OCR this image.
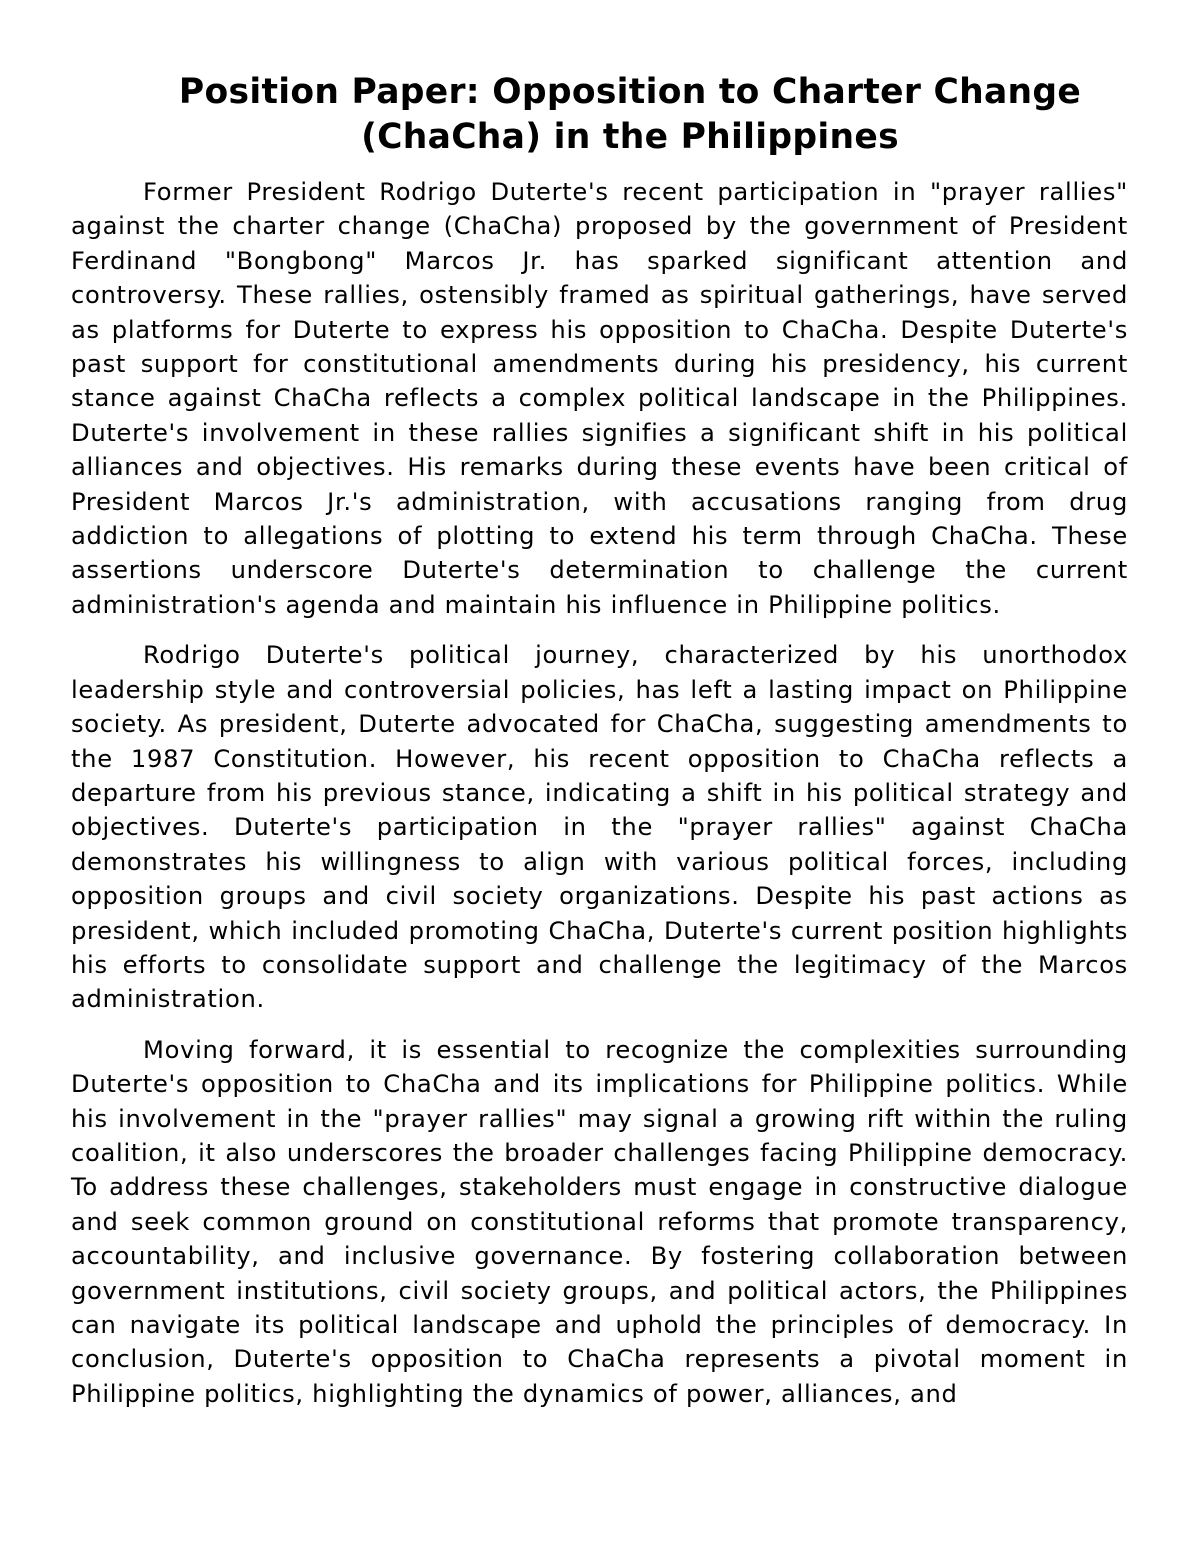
Position Paper: Opposition to Charter Change
(ChaCha) in the Philippines

Former President Rodrigo Duterte's recent participation in "prayer rallies" against the charter change (ChaCha) proposed by the government of President Ferdinand "Bongbong" Marcos Jr. has sparked significant attention and controversy. These rallies, ostensibly framed as spiritual gatherings, have served as platforms for Duterte to express his opposition to ChaCha. Despite Duterte's past support for constitutional amendments during his presidency, his current stance against ChaCha reflects a complex political landscape in the Philippines. Duterte's involvement in these rallies signifies a significant shift in his political alliances and objectives. His remarks during these events have been critical of President Marcos Jr.'s administration, with accusations ranging from drug addiction to allegations of plotting to extend his term through ChaCha. These assertions underscore Duterte's determination to challenge the current administration's agenda and maintain his influence in Philippine politics.

Rodrigo Duterte's political journey, characterized by his unorthodox leadership style and controversial policies, has left a lasting impact on Philippine society. As president, Duterte advocated for ChaCha, suggesting amendments to the 1987 Constitution. However, his recent opposition to ChaCha reflects a departure from his previous stance, indicating a shift in his political strategy and objectives. Duterte's participation in the "prayer rallies" against ChaCha demonstrates his willingness to align with various political forces, including opposition groups and civil society organizations. Despite his past actions as president, which included promoting ChaCha, Duterte's current position highlights his efforts to consolidate support and challenge the legitimacy of the Marcos administration.

Moving forward, it is essential to recognize the complexities surrounding Duterte's opposition to ChaCha and its implications for Philippine politics. While his involvement in the "prayer rallies" may signal a growing rift within the ruling coalition, it also underscores the broader challenges facing Philippine democracy. To address these challenges, stakeholders must engage in constructive dialogue and seek common ground on constitutional reforms that promote transparency, accountability, and inclusive governance. By fostering collaboration between government institutions, civil society groups, and political actors, the Philippines can navigate its political landscape and uphold the principles of democracy. In conclusion, Duterte's opposition to ChaCha represents a pivotal moment in Philippine politics, highlighting the dynamics of power, alliances, and
